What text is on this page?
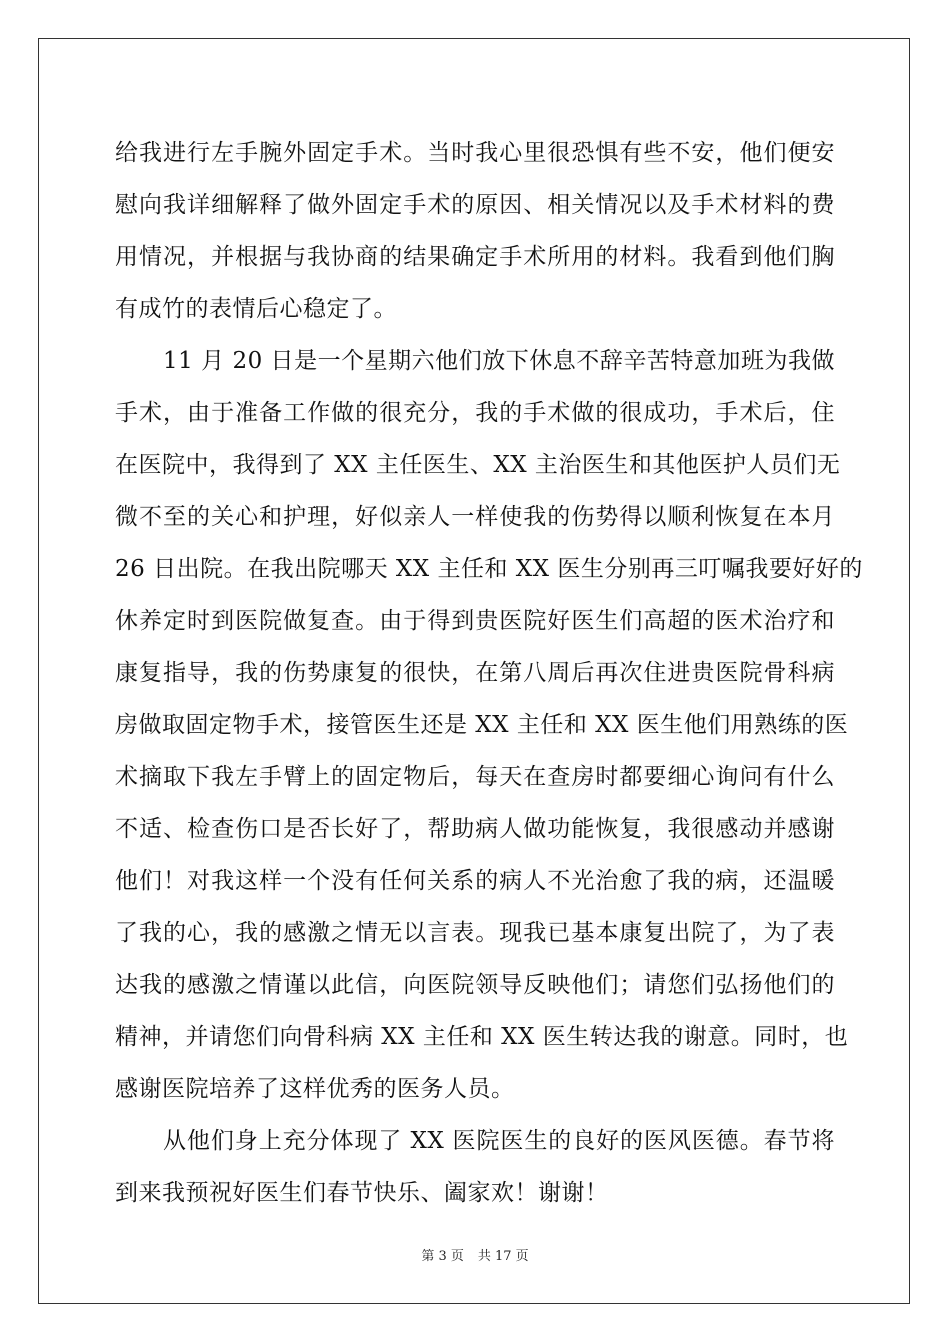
给我进行左手腕外固定手术。当时我心里很恐惧有些不安，他们便安
慰向我详细解释了做外固定手术的原因、相关情况以及手术材料的费
用情况，并根据与我协商的结果确定手术所用的材料。我看到他们胸
有成竹的表情后心稳定了。
11 月 20 日是一个星期六他们放下休息不辞辛苦特意加班为我做
手术，由于准备工作做的很充分，我的手术做的很成功，手术后，住
在医院中，我得到了 XX 主任医生、XX 主治医生和其他医护人员们无
微不至的关心和护理，好似亲人一样使我的伤势得以顺利恢复在本月
26 日出院。在我出院哪天 XX 主任和 XX 医生分别再三叮嘱我要好好的
休养定时到医院做复查。由于得到贵医院好医生们高超的医术治疗和
康复指导，我的伤势康复的很快，在第八周后再次住进贵医院骨科病
房做取固定物手术，接管医生还是 XX 主任和 XX 医生他们用熟练的医
术摘取下我左手臂上的固定物后，每天在查房时都要细心询问有什么
不适、检查伤口是否长好了，帮助病人做功能恢复，我很感动并感谢
他们！对我这样一个没有任何关系的病人不光治愈了我的病，还温暖
了我的心，我的感激之情无以言表。现我已基本康复出院了，为了表
达我的感激之情谨以此信，向医院领导反映他们；请您们弘扬他们的
精神，并请您们向骨科病 XX 主任和 XX 医生转达我的谢意。同时，也
感谢医院培养了这样优秀的医务人员。
从他们身上充分体现了 XX 医院医生的良好的医风医德。春节将
到来我预祝好医生们春节快乐、阖家欢！谢谢！
第 3 页 共 17 页
